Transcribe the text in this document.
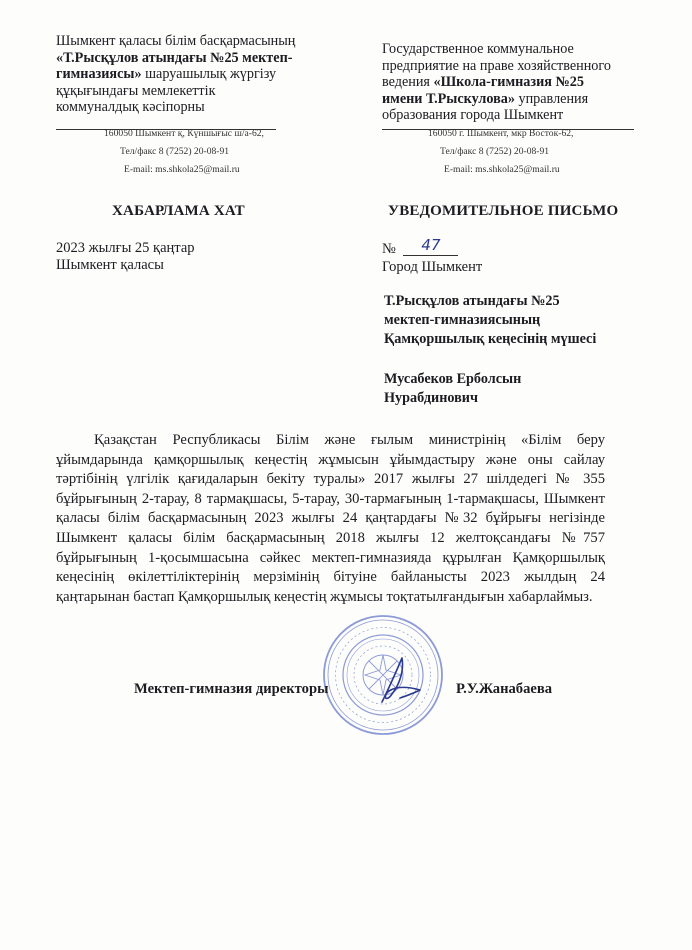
Шымкент қаласы білім басқармасының
«Т.Рысқұлов атындағы №25 мектеп-
гимназиясы» шаруашылық жүргізу
құқығындағы мемлекеттік
коммуналдық кәсіпорны
Государственное коммунальное
предприятие на праве хозяйственного
ведения «Школа-гимназия №25
имени Т.Рыскулова» управления
образования города Шымкент
160050 Шымкент қ, Күншығыс ш/а-62,
Тел/факс 8 (7252) 20-08-91
E-mail: ms.shkola25@mail.ru
160050 г. Шымкент, мкр Восток-62,
Тел/факс 8 (7252) 20-08-91
E-mail: ms.shkola25@mail.ru
ХАБАРЛАМА ХАТ	УВЕДОМИТЕЛЬНОЕ ПИСЬМО
2023 жылғы 25 қаңтар
Шымкент қаласы
№ 47
Город Шымкент
Т.Рысқұлов атындағы №25
мектеп-гимназиясының
Қамқоршылық кеңесінің мүшесі
Мусабеков Ерболсын
Нурабдинович
Қазақстан Республикасы Білім және ғылым министрінің «Білім беру ұйымдарында қамқоршылық кеңестің жұмысын ұйымдастыру және оны сайлау тәртібінің үлгілік қағидаларын бекіту туралы» 2017 жылғы 27 шілдедегі № 355 бұйрығының 2-тарау, 8 тармақшасы, 5-тарау, 30-тармағының 1-тармақшасы, Шымкент қаласы білім басқармасының 2023 жылғы 24 қаңтардағы №32 бұйрығы негізінде Шымкент қаласы білім басқармасының 2018 жылғы 12 желтоқсандағы №757 бұйрығының 1-қосымшасына сәйкес мектеп-гимназияда құрылған Қамқоршылық кеңесінің өкілеттіліктерінің мерзімінің бітуіне байланысты 2023 жылдың 24 қаңтарынан бастап Қамқоршылық кеңестің жұмысы тоқтатылғандығын хабарлаймыз.
Мектеп-гимназия директоры	Р.У.Жанабаева
